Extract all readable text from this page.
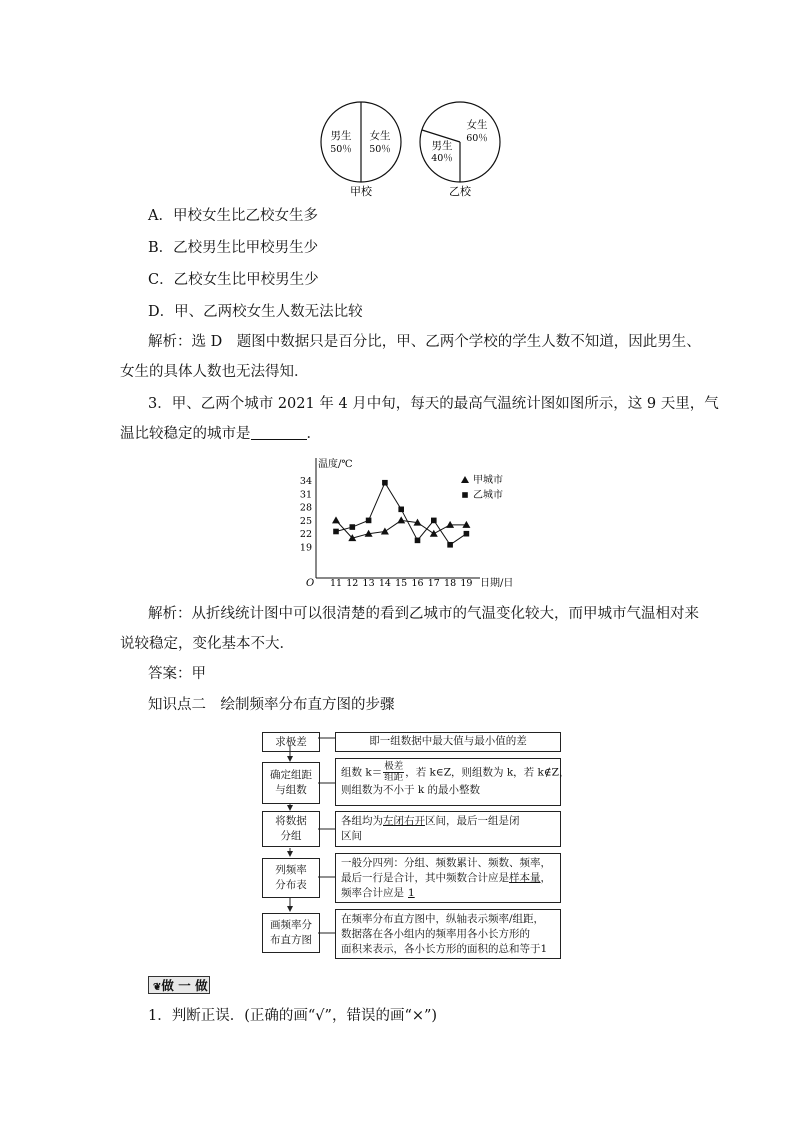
男生
50％
女生
50％
甲校
男生
40％
女生
60％
乙校
A．甲校女生比乙校女生多
B．乙校男生比甲校男生少
C．乙校女生比甲校男生少
D．甲、乙两校女生人数无法比较
解析：选 D　题图中数据只是百分比，甲、乙两个学校的学生人数不知道，因此男生、
女生的具体人数也无法得知．
3．甲、乙两个城市 2021 年 4 月中旬，每天的最高气温统计图如图所示，这 9 天里，气
温比较稳定的城市是	．
温度/℃
O	日期/日
19
22
25
28
31
34
11 12 13 14 15 16 17 18 19
甲城市
乙城市
解析：从折线统计图中可以很清楚的看到乙城市的气温变化较大，而甲城市气温相对来
说较稳定，变化基本不大．
答案：甲
知识点二　绘制频率分布直方图的步骤
求极差	即一组数据中最大值与最小值的差
确定组距
与组数
组数 $k= \frac{\text{极差}}{\text{组距}}$ ，若 k∈Z，则组数为 k，若 k∉Z，
则组数为不小于 k 的最小整数
将数据
分组
各组均为左闭右开区间，最后一组是闭
区间
列频率
分布表
一般分四列：分组、频数累计、频数、频率，
最后一行是合计，其中频数合计应是样本量，
频率合计应是 1
画频率分
布直方图
在频率分布直方图中，纵轴表示频率/组距，
数据落在各小组内的频率用各小长方形的
面积来表示，各小长方形的面积的总和等于1
❦做 一 做
1．判断正误．(正确的画“√”，错误的画“×”)
